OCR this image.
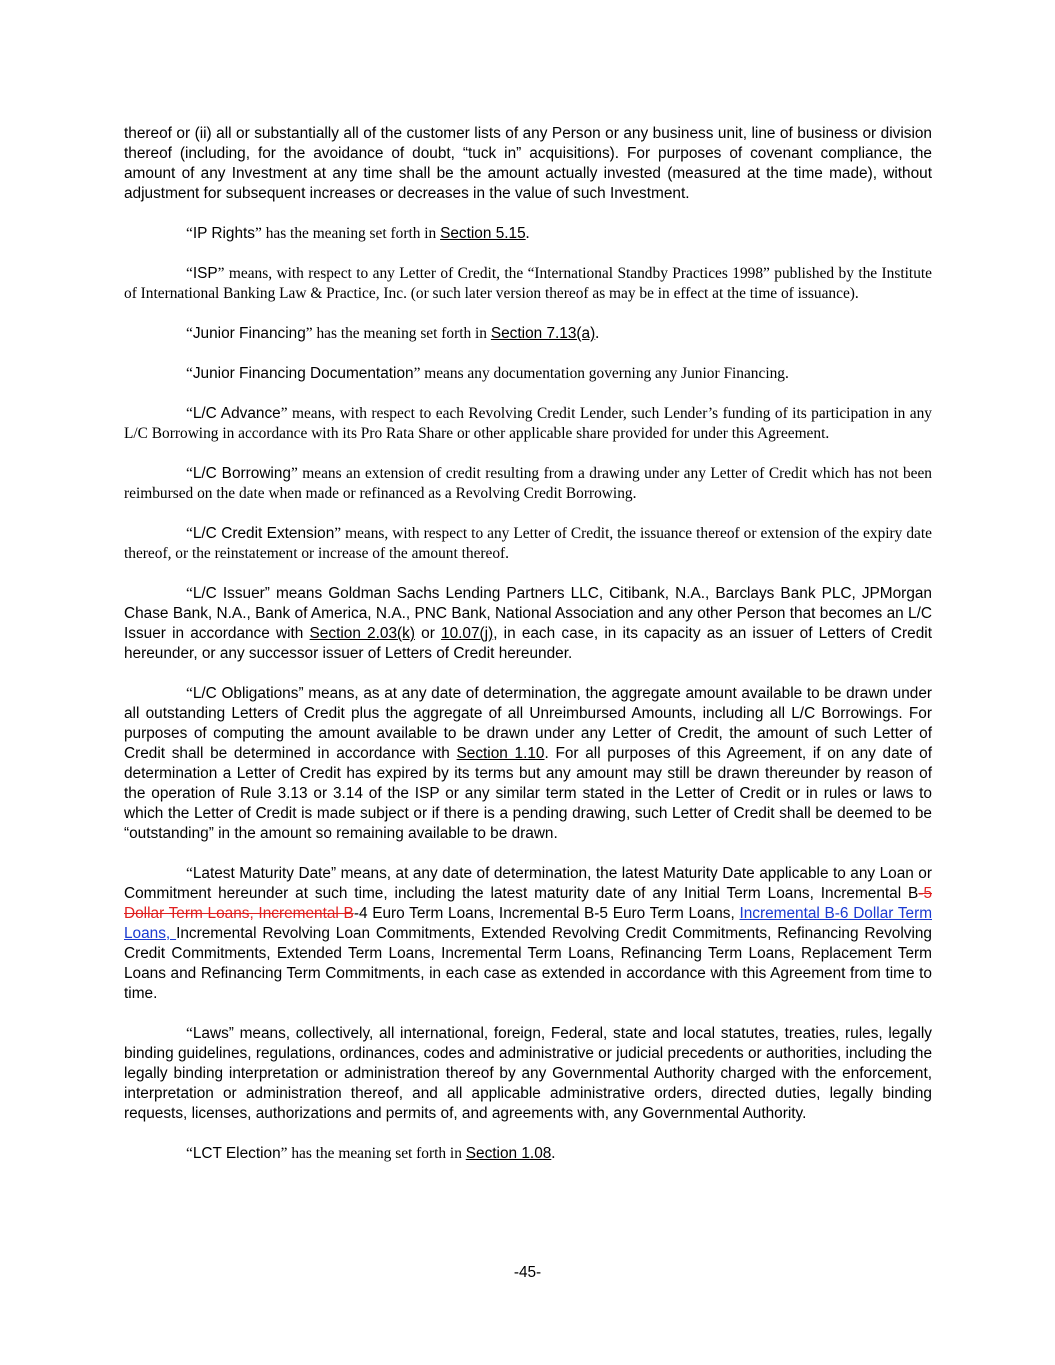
thereof or (ii) all or substantially all of the customer lists of any Person or any business unit, line of business or division thereof (including, for the avoidance of doubt, “tuck in” acquisitions). For purposes of covenant compliance, the amount of any Investment at any time shall be the amount actually invested (measured at the time made), without adjustment for subsequent increases or decreases in the value of such Investment.

“IP Rights” has the meaning set forth in Section 5.15.

“ISP” means, with respect to any Letter of Credit, the “International Standby Practices 1998” published by the Institute of International Banking Law & Practice, Inc. (or such later version thereof as may be in effect at the time of issuance).

“Junior Financing” has the meaning set forth in Section 7.13(a).

“Junior Financing Documentation” means any documentation governing any Junior Financing.

“L/C Advance” means, with respect to each Revolving Credit Lender, such Lender’s funding of its participation in any L/C Borrowing in accordance with its Pro Rata Share or other applicable share provided for under this Agreement.

“L/C Borrowing” means an extension of credit resulting from a drawing under any Letter of Credit which has not been reimbursed on the date when made or refinanced as a Revolving Credit Borrowing.

“L/C Credit Extension” means, with respect to any Letter of Credit, the issuance thereof or extension of the expiry date thereof, or the reinstatement or increase of the amount thereof.

“L/C Issuer” means Goldman Sachs Lending Partners LLC, Citibank, N.A., Barclays Bank PLC, JPMorgan Chase Bank, N.A., Bank of America, N.A., PNC Bank, National Association and any other Person that becomes an L/C Issuer in accordance with Section 2.03(k) or 10.07(j), in each case, in its capacity as an issuer of Letters of Credit hereunder, or any successor issuer of Letters of Credit hereunder.

“L/C Obligations” means, as at any date of determination, the aggregate amount available to be drawn under all outstanding Letters of Credit plus the aggregate of all Unreimbursed Amounts, including all L/C Borrowings. For purposes of computing the amount available to be drawn under any Letter of Credit, the amount of such Letter of Credit shall be determined in accordance with Section 1.10. For all purposes of this Agreement, if on any date of determination a Letter of Credit has expired by its terms but any amount may still be drawn thereunder by reason of the operation of Rule 3.13 or 3.14 of the ISP or any similar term stated in the Letter of Credit or in rules or laws to which the Letter of Credit is made subject or if there is a pending drawing, such Letter of Credit shall be deemed to be “outstanding” in the amount so remaining available to be drawn.

“Latest Maturity Date” means, at any date of determination, the latest Maturity Date applicable to any Loan or Commitment hereunder at such time, including the latest maturity date of any Initial Term Loans, Incremental B-5 Dollar Term Loans, Incremental B-4 Euro Term Loans, Incremental B-5 Euro Term Loans, Incremental B-6 Dollar Term Loans, Incremental Revolving Loan Commitments, Extended Revolving Credit Commitments, Refinancing Revolving Credit Commitments, Extended Term Loans, Incremental Term Loans, Refinancing Term Loans, Replacement Term Loans and Refinancing Term Commitments, in each case as extended in accordance with this Agreement from time to time.

“Laws” means, collectively, all international, foreign, Federal, state and local statutes, treaties, rules, legally binding guidelines, regulations, ordinances, codes and administrative or judicial precedents or authorities, including the legally binding interpretation or administration thereof by any Governmental Authority charged with the enforcement, interpretation or administration thereof, and all applicable administrative orders, directed duties, legally binding requests, licenses, authorizations and permits of, and agreements with, any Governmental Authority.

“LCT Election” has the meaning set forth in Section 1.08.

-45-
